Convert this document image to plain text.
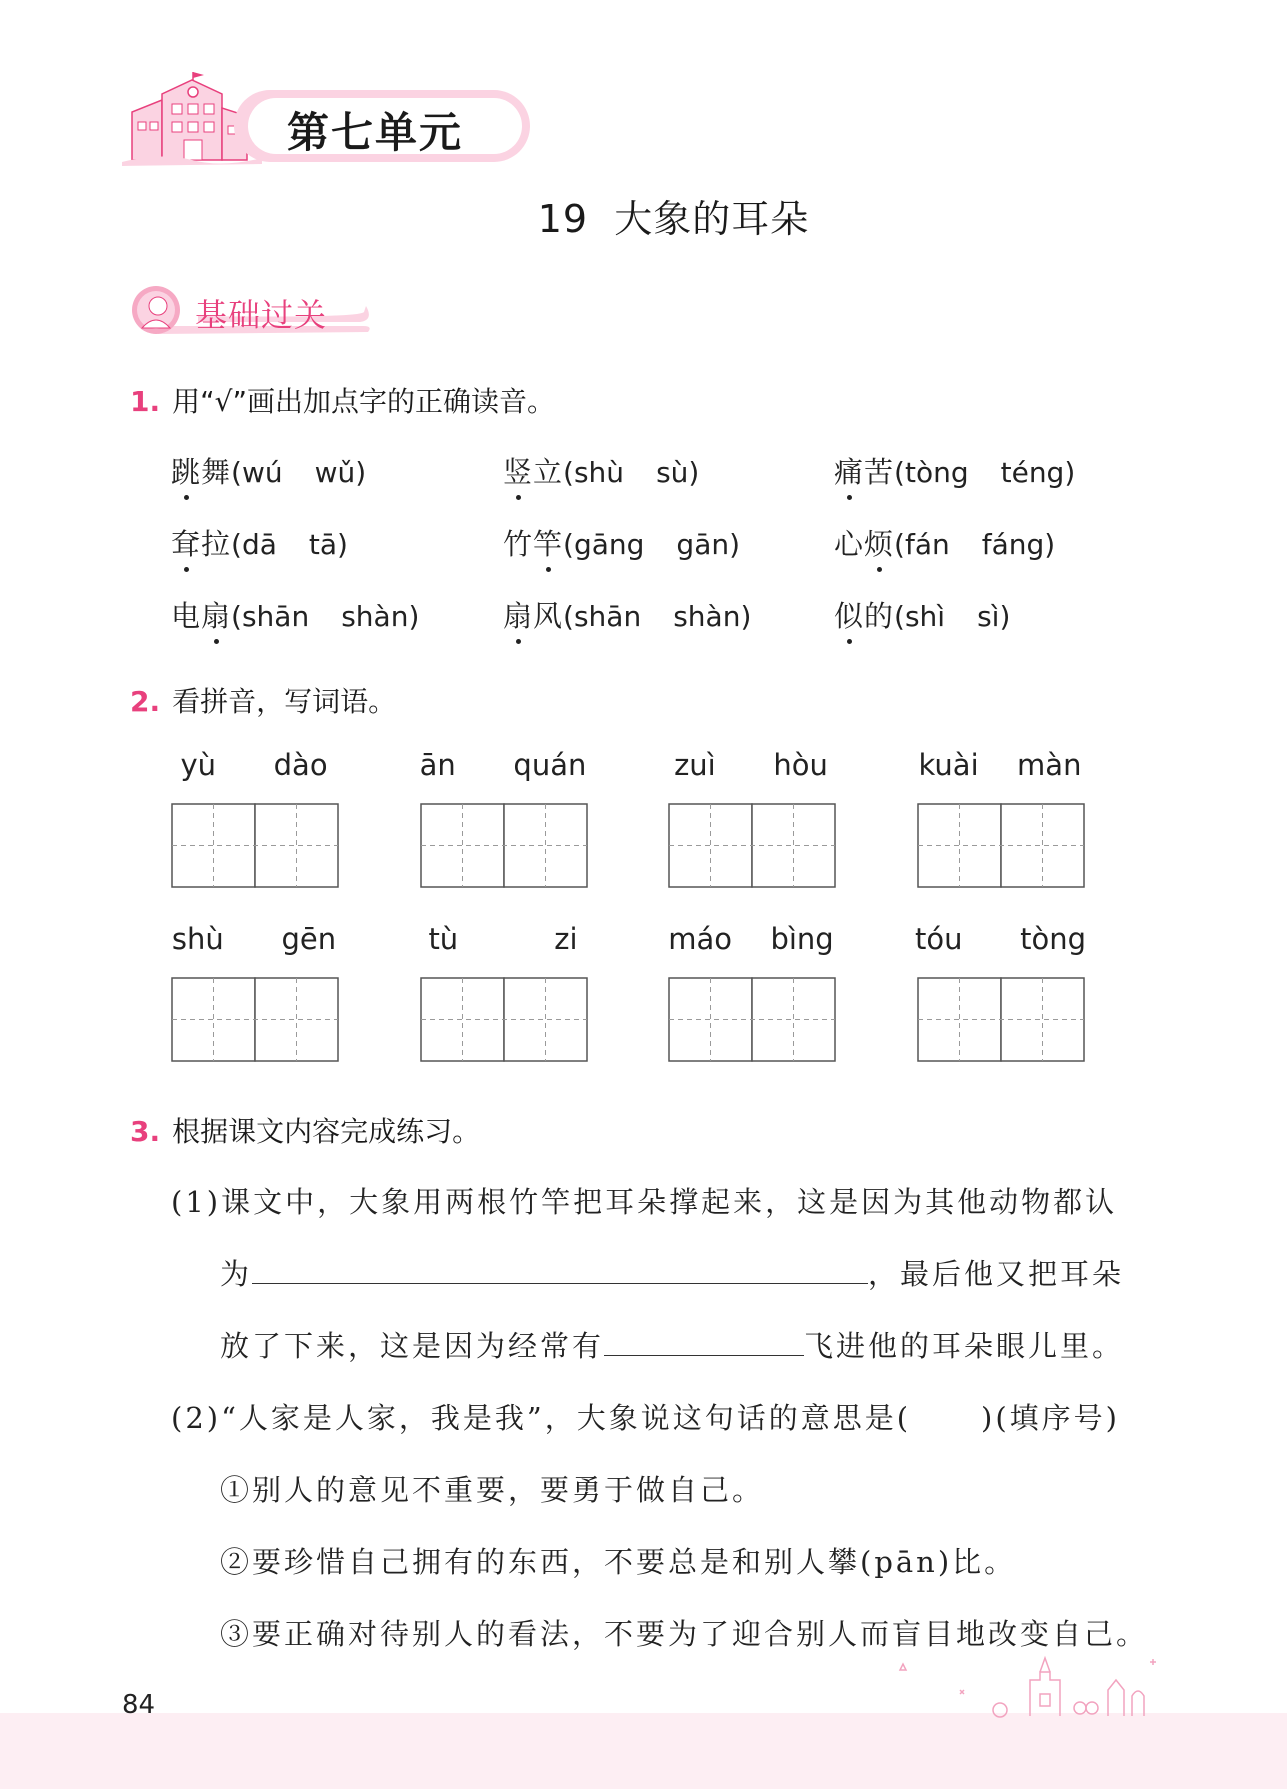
第七单元
19  大象的耳朵
基础过关
1. 用“√”画出加点字的正确读音。
跳舞(wú wǔ)	竖立(shù sù)	痛苦(tòng téng)
耷拉(dā tā)	竹竿(gāng gān)	心烦(fán fáng)
电扇(shān shàn)	扇风(shān shàn)	似的(shì sì)
2. 看拼音，写词语。
yù   dào	ān   quán	zuì   hòu	kuài  màn
shù   gēn	tù     zi	máo  bìng	tóu   tòng
3. 根据课文内容完成练习。
(1)课文中，大象用两根竹竿把耳朵撑起来，这是因为其他动物都认
为	，最后他又把耳朵
放了下来，这是因为经常有	飞进他的耳朵眼儿里。
(2)“人家是人家，我是我”，大象说这句话的意思是( )(填序号)
①别人的意见不重要，要勇于做自己。
②要珍惜自己拥有的东西，不要总是和别人攀(pān)比。
③要正确对待别人的看法，不要为了迎合别人而盲目地改变自己。
84
